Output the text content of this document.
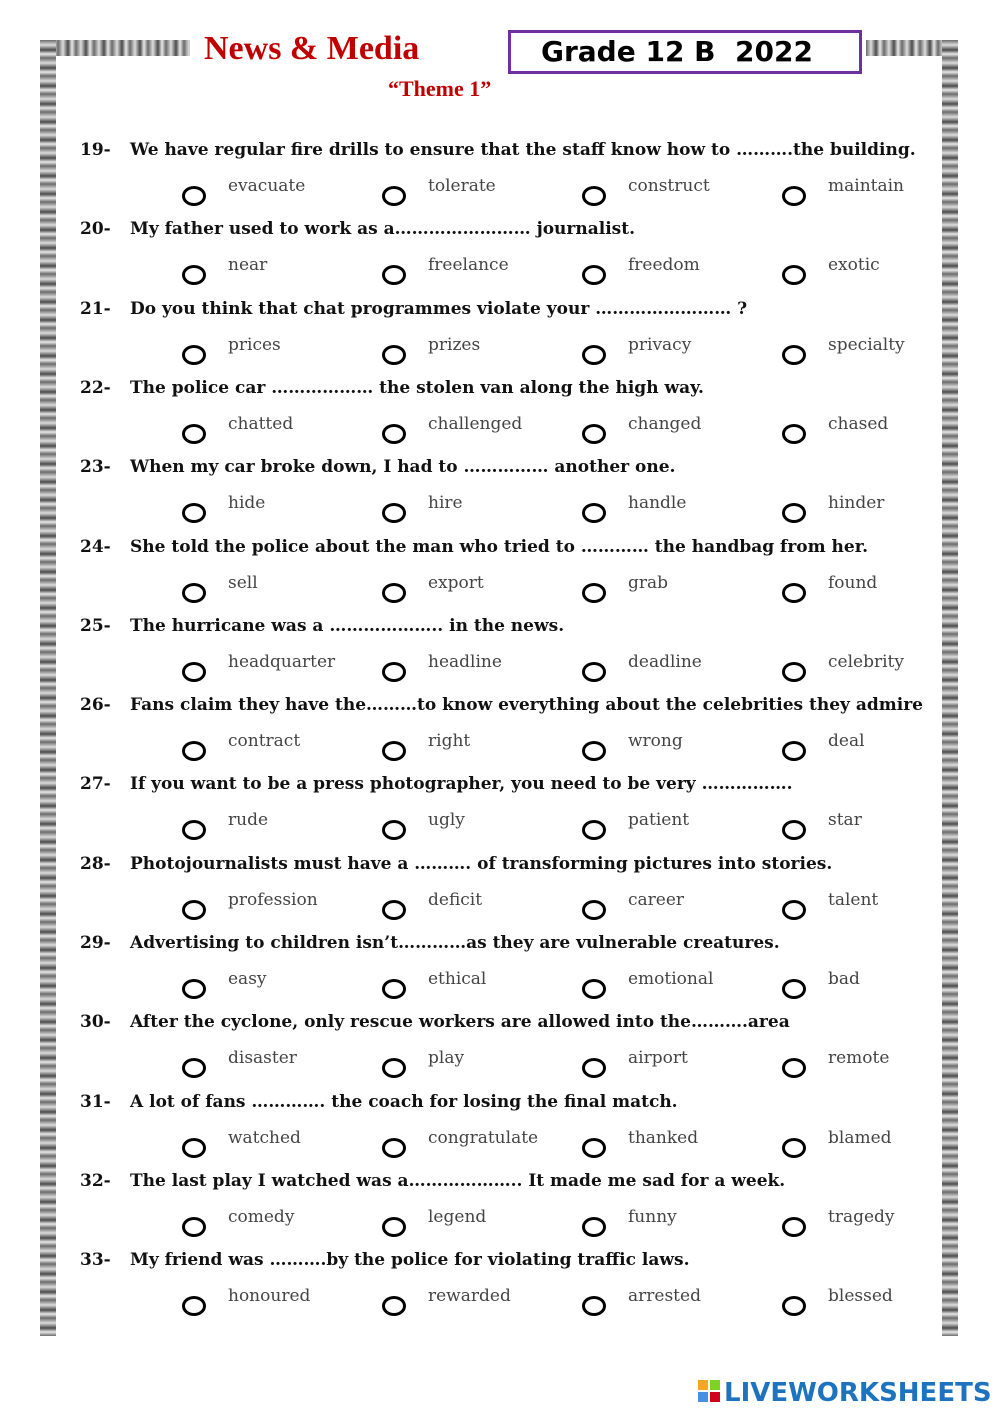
News & Media
“Theme 1”
Grade 12 B  2022
19- We have regular fire drills to ensure that the staff know how to ……….the building.
evacuate	tolerate	construct	maintain
20- My father used to work as a…………………… journalist.
near	freelance	freedom	exotic
21- Do you think that chat programmes violate your …………………… ?
prices	prizes	privacy	specialty
22- The police car ……………… the stolen van along the high way.
chatted	challenged	changed	chased
23- When my car broke down, I had to …………… another one.
hide	hire	handle	hinder
24- She told the police about the man who tried to ………… the handbag from her.
sell	export	grab	found
25- The hurricane was a ……………….. in the news.
headquarter	headline	deadline	celebrity
26- Fans claim they have the………to know everything about the celebrities they admire
contract	right	wrong	deal
27- If you want to be a press photographer, you need to be very …………….
rude	ugly	patient	star
28- Photojournalists must have a ………. of transforming pictures into stories.
profession	deficit	career	talent
29- Advertising to children isn’t…………as they are vulnerable creatures.
easy	ethical	emotional	bad
30- After the cyclone, only rescue workers are allowed into the……….area
disaster	play	airport	remote
31- A lot of fans …………. the coach for losing the final match.
watched	congratulate	thanked	blamed
32- The last play I watched was a……………….. It made me sad for a week.
comedy	legend	funny	tragedy
33- My friend was ……….by the police for violating traffic laws.
honoured	rewarded	arrested	blessed
LIVEWORKSHEETS
